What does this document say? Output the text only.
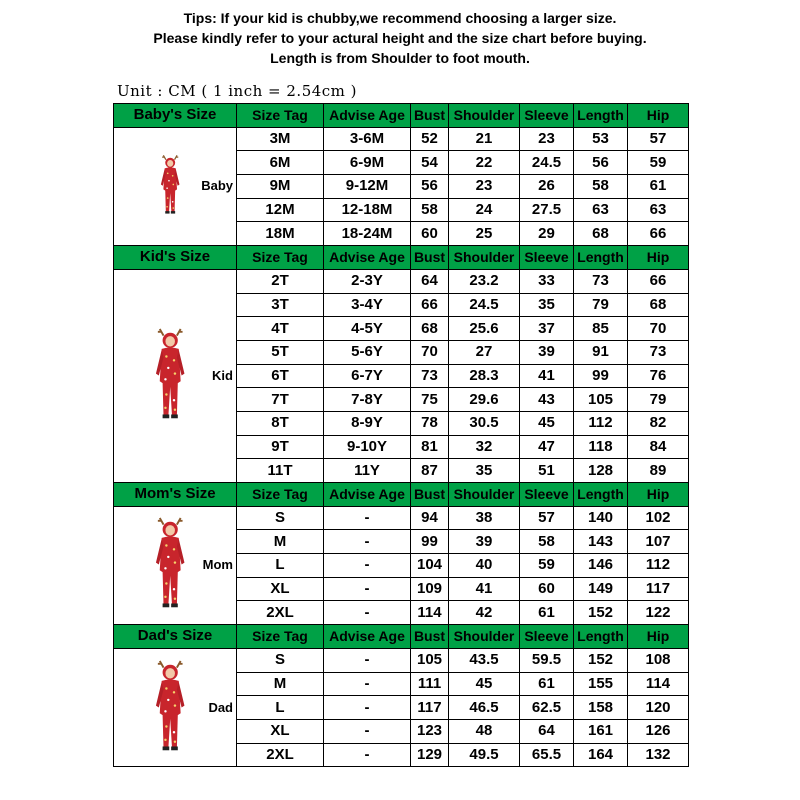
Tips: If your kid is chubby,we recommend choosing a larger size.
Please kindly refer to your actural height and the size chart before buying.
Length is from Shoulder to foot mouth.
Unit : CM ( 1 inch = 2.54cm )
Baby's Size	Size Tag	Advise Age	Bust	Shoulder	Sleeve	Length	Hip

Baby	3M	3-6M	52	21	23	53	57
	6M	6-9M	54	22	24.5	56	59
	9M	9-12M	56	23	26	58	61
	12M	12-18M	58	24	27.5	63	63
	18M	18-24M	60	25	29	68	66
Kid's Size	Size Tag	Advise Age	Bust	Shoulder	Sleeve	Length	Hip

Kid	2T	2-3Y	64	23.2	33	73	66
	3T	3-4Y	66	24.5	35	79	68
	4T	4-5Y	68	25.6	37	85	70
	5T	5-6Y	70	27	39	91	73
	6T	6-7Y	73	28.3	41	99	76
	7T	7-8Y	75	29.6	43	105	79
	8T	8-9Y	78	30.5	45	112	82
	9T	9-10Y	81	32	47	118	84
	11T	11Y	87	35	51	128	89
Mom's Size	Size Tag	Advise Age	Bust	Shoulder	Sleeve	Length	Hip

Mom	S	-	94	38	57	140	102
	M	-	99	39	58	143	107
	L	-	104	40	59	146	112
	XL	-	109	41	60	149	117
	2XL	-	114	42	61	152	122
Dad's Size	Size Tag	Advise Age	Bust	Shoulder	Sleeve	Length	Hip

Dad	S	-	105	43.5	59.5	152	108
	M	-	111	45	61	155	114
	L	-	117	46.5	62.5	158	120
	XL	-	123	48	64	161	126
	2XL	-	129	49.5	65.5	164	132
